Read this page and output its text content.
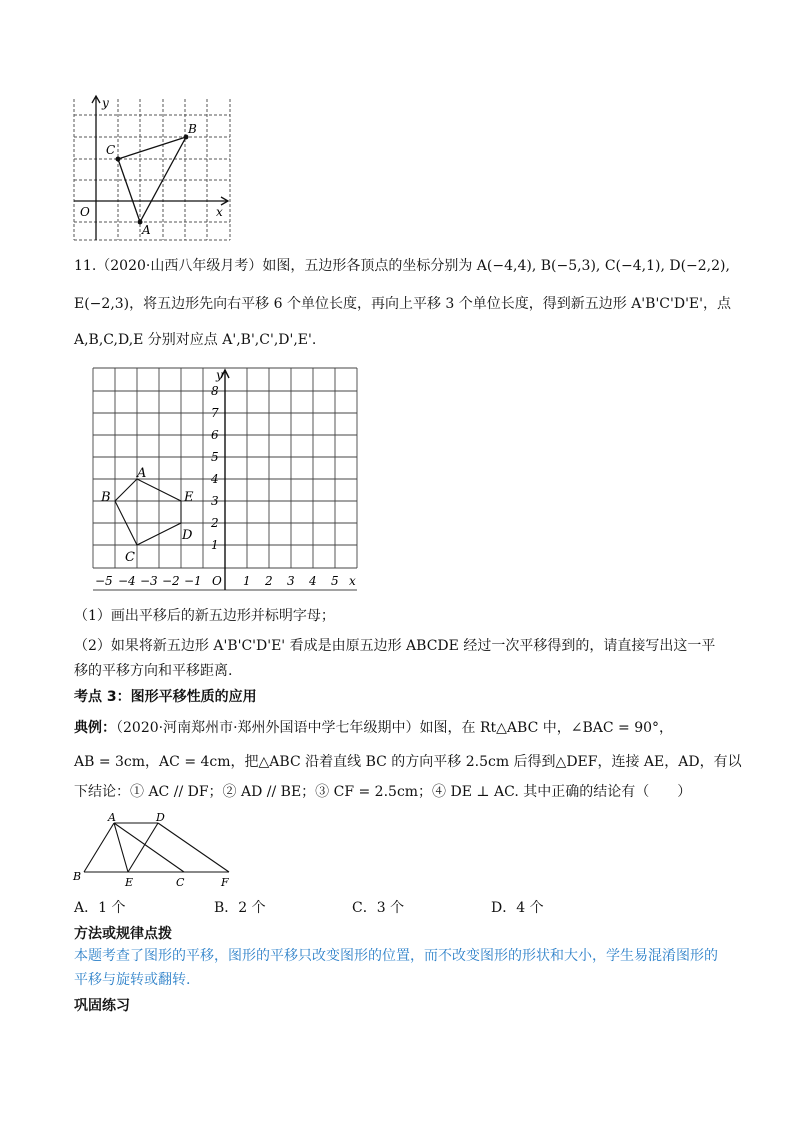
y
x
O
C
B
A
11.（2020·山西八年级月考）如图，五边形各顶点的坐标分别为 A(−4,4), B(−5,3), C(−4,1), D(−2,2),
E(−2,3)，将五边形先向右平移 6 个单位长度，再向上平移 3 个单位长度，得到新五边形 A'B'C'D'E'，点
A,B,C,D,E 分别对应点 A',B',C',D',E'.
8
7
6
5
4
3
2
1
−5 −4 −3 −2 −1 O 1 2 3 4 5 x
y
A
B
C
D
E
（1）画出平移后的新五边形并标明字母；
（2）如果将新五边形 A'B'C'D'E' 看成是由原五边形 ABCDE 经过一次平移得到的，请直接写出这一平
移的平移方向和平移距离.
考点 3：图形平移性质的应用
典例：（2020·河南郑州市·郑州外国语中学七年级期中）如图，在 Rt△ABC 中，∠BAC = 90°，
AB = 3cm，AC = 4cm，把△ABC 沿着直线 BC 的方向平移 2.5cm 后得到△DEF，连接 AE，AD，有以
下结论：① AC // DF；② AD // BE；③ CF = 2.5cm；④ DE ⊥ AC. 其中正确的结论有（　　）
A	D
B	E	C	F
A．1 个	B．2 个	C．3 个	D．4 个
方法或规律点拨
本题考查了图形的平移，图形的平移只改变图形的位置，而不改变图形的形状和大小，学生易混淆图形的
平移与旋转或翻转.
巩固练习
